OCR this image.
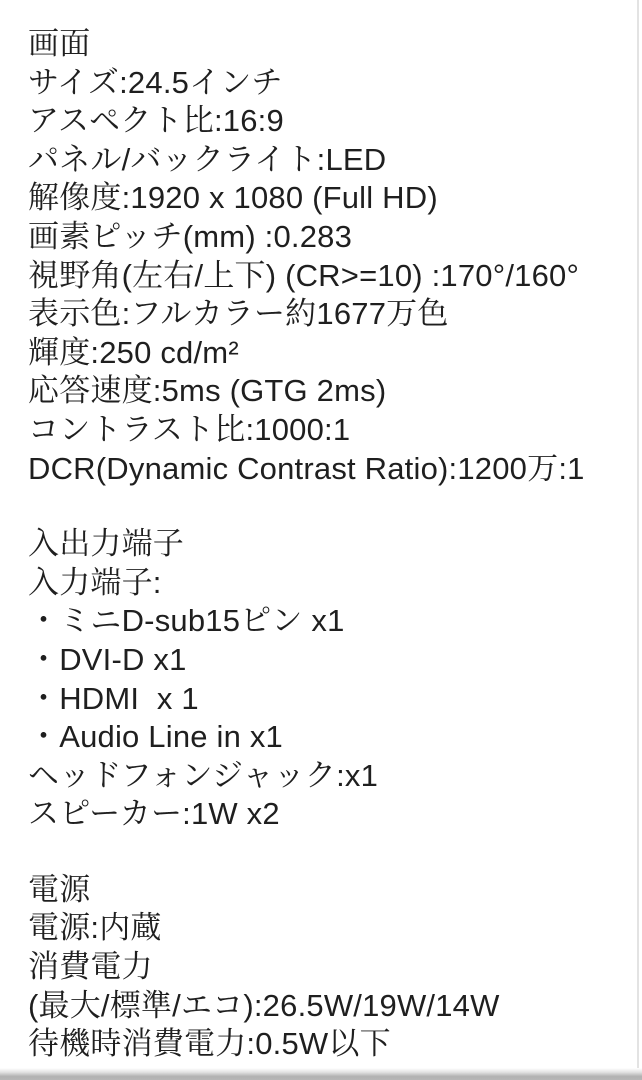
画面
サイズ:24.5インチ
アスペクト比:16:9
パネル/バックライト:LED
解像度:1920 x 1080 (Full HD)
画素ピッチ(mm) :0.283
視野角(左右/上下) (CR>=10) :170°/160°
表示色:フルカラー約1677万色
輝度:250 cd/m²
応答速度:5ms (GTG 2ms)
コントラスト比:1000:1
DCR(Dynamic Contrast Ratio):1200万:1
入出力端子
入力端子:
・ミニD-sub15ピン x1
・DVI-D x1
・HDMI  x 1
・Audio Line in x1
ヘッドフォンジャック:x1
スピーカー:1W x2
電源
電源:内蔵
消費電力
(最大/標準/エコ):26.5W/19W/14W
待機時消費電力:0.5W以下
